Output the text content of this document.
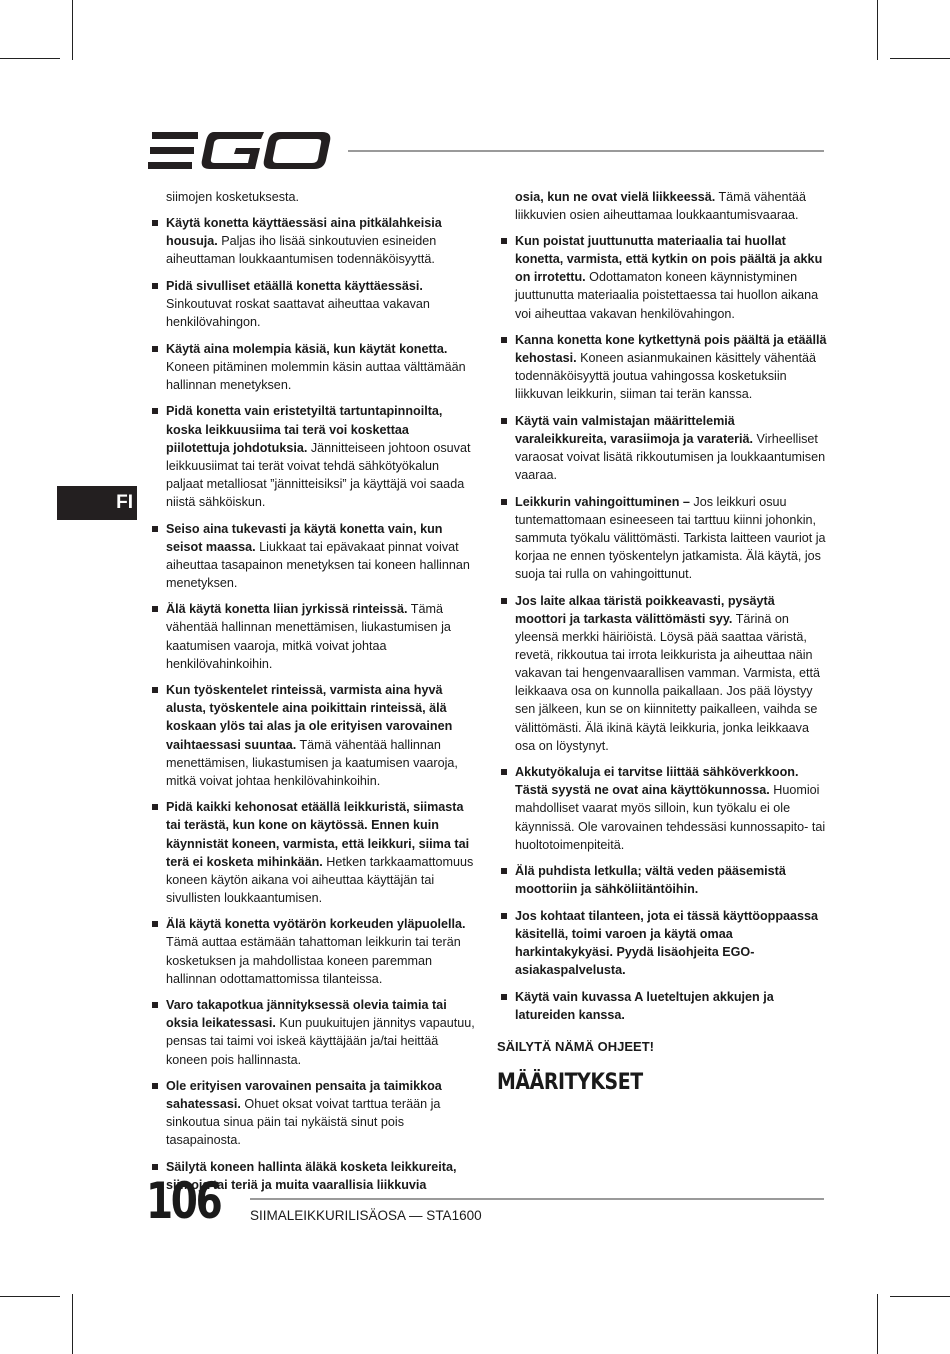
FI
siimojen kosketuksesta.
Käytä konetta käyttäessäsi aina pitkälahkeisia housuja. Paljas iho lisää sinkoutuvien esineiden aiheuttaman loukkaantumisen todennäköisyyttä.
Pidä sivulliset etäällä konetta käyttäessäsi. Sinkoutuvat roskat saattavat aiheuttaa vakavan henkilövahingon.
Käytä aina molempia käsiä, kun käytät konetta. Koneen pitäminen molemmin käsin auttaa välttämään hallinnan menetyksen.
Pidä konetta vain eristetyiltä tartuntapinnoilta, koska leikkuusiima tai terä voi koskettaa piilotettuja johdotuksia. Jännitteiseen johtoon osuvat leikkuusiimat tai terät voivat tehdä sähkötyökalun paljaat metalliosat ”jännitteisiksi” ja käyttäjä voi saada niistä sähköiskun.
Seiso aina tukevasti ja käytä konetta vain, kun seisot maassa. Liukkaat tai epävakaat pinnat voivat aiheuttaa tasapainon menetyksen tai koneen hallinnan menetyksen.
Älä käytä konetta liian jyrkissä rinteissä. Tämä vähentää hallinnan menettämisen, liukastumisen ja kaatumisen vaaroja, mitkä voivat johtaa henkilövahinkoihin.
Kun työskentelet rinteissä, varmista aina hyvä alusta, työskentele aina poikittain rinteissä, älä koskaan ylös tai alas ja ole erityisen varovainen vaihtaessasi suuntaa. Tämä vähentää hallinnan menettämisen, liukastumisen ja kaatumisen vaaroja, mitkä voivat johtaa henkilövahinkoihin.
Pidä kaikki kehonosat etäällä leikkuristä, siimasta tai terästä, kun kone on käytössä. Ennen kuin käynnistät koneen, varmista, että leikkuri, siima tai terä ei kosketa mihinkään. Hetken tarkkaamattomuus koneen käytön aikana voi aiheuttaa käyttäjän tai sivullisten loukkaantumisen.
Älä käytä konetta vyötärön korkeuden yläpuolella. Tämä auttaa estämään tahattoman leikkurin tai terän kosketuksen ja mahdollistaa koneen paremman hallinnan odottamattomissa tilanteissa.
Varo takapotkua jännityksessä olevia taimia tai oksia leikatessasi. Kun puukuitujen jännitys vapautuu, pensas tai taimi voi iskeä käyttäjään ja/tai heittää koneen pois hallinnasta.
Ole erityisen varovainen pensaita ja taimikkoa sahatessasi. Ohuet oksat voivat tarttua terään ja sinkoutua sinua päin tai nykäistä sinut pois tasapainosta.
Säilytä koneen hallinta äläkä kosketa leikkureita, siimoja tai teriä ja muita vaarallisia liikkuvia
osia, kun ne ovat vielä liikkeessä. Tämä vähentää liikkuvien osien aiheuttamaa loukkaantumisvaaraa.
Kun poistat juuttunutta materiaalia tai huollat konetta, varmista, että kytkin on pois päältä ja akku on irrotettu. Odottamaton koneen käynnistyminen juuttunutta materiaalia poistettaessa tai huollon aikana voi aiheuttaa vakavan henkilövahingon.
Kanna konetta kone kytkettynä pois päältä ja etäällä kehostasi. Koneen asianmukainen käsittely vähentää todennäköisyyttä joutua vahingossa kosketuksiin liikkuvan leikkurin, siiman tai terän kanssa.
Käytä vain valmistajan määrittelemiä varaleikkureita, varasiimoja ja varateriä. Virheelliset varaosat voivat lisätä rikkoutumisen ja loukkaantumisen vaaraa.
Leikkurin vahingoittuminen – Jos leikkuri osuu tuntemattomaan esineeseen tai tarttuu kiinni johonkin, sammuta työkalu välittömästi. Tarkista laitteen vauriot ja korjaa ne ennen työskentelyn jatkamista. Älä käytä, jos suoja tai rulla on vahingoittunut.
Jos laite alkaa täristä poikkeavasti, pysäytä moottori ja tarkasta välittömästi syy. Tärinä on yleensä merkki häiriöistä. Löysä pää saattaa väristä, revetä, rikkoutua tai irrota leikkurista ja aiheuttaa näin vakavan tai hengenvaarallisen vamman. Varmista, että leikkaava osa on kunnolla paikallaan. Jos pää löystyy sen jälkeen, kun se on kiinnitetty paikalleen, vaihda se välittömästi. Älä ikinä käytä leikkuria, jonka leikkaava osa on löystynyt.
Akkutyökaluja ei tarvitse liittää sähköverkkoon. Tästä syystä ne ovat aina käyttökunnossa. Huomioi mahdolliset vaarat myös silloin, kun työkalu ei ole käynnissä. Ole varovainen tehdessäsi kunnossapito- tai huoltotoimenpiteitä.
Älä puhdista letkulla; vältä veden pääsemistä moottoriin ja sähköliitäntöihin.
Jos kohtaat tilanteen, jota ei tässä käyttöoppaassa käsitellä, toimi varoen ja käytä omaa harkintakykyäsi. Pyydä lisäohjeita EGO-asiakaspalvelusta.
Käytä vain kuvassa A lueteltujen akkujen ja latureiden kanssa.
SÄILYTÄ NÄMÄ OHJEET!
MÄÄRITYKSET
106 SIIMALEIKKURILISÄOSA — STA1600
